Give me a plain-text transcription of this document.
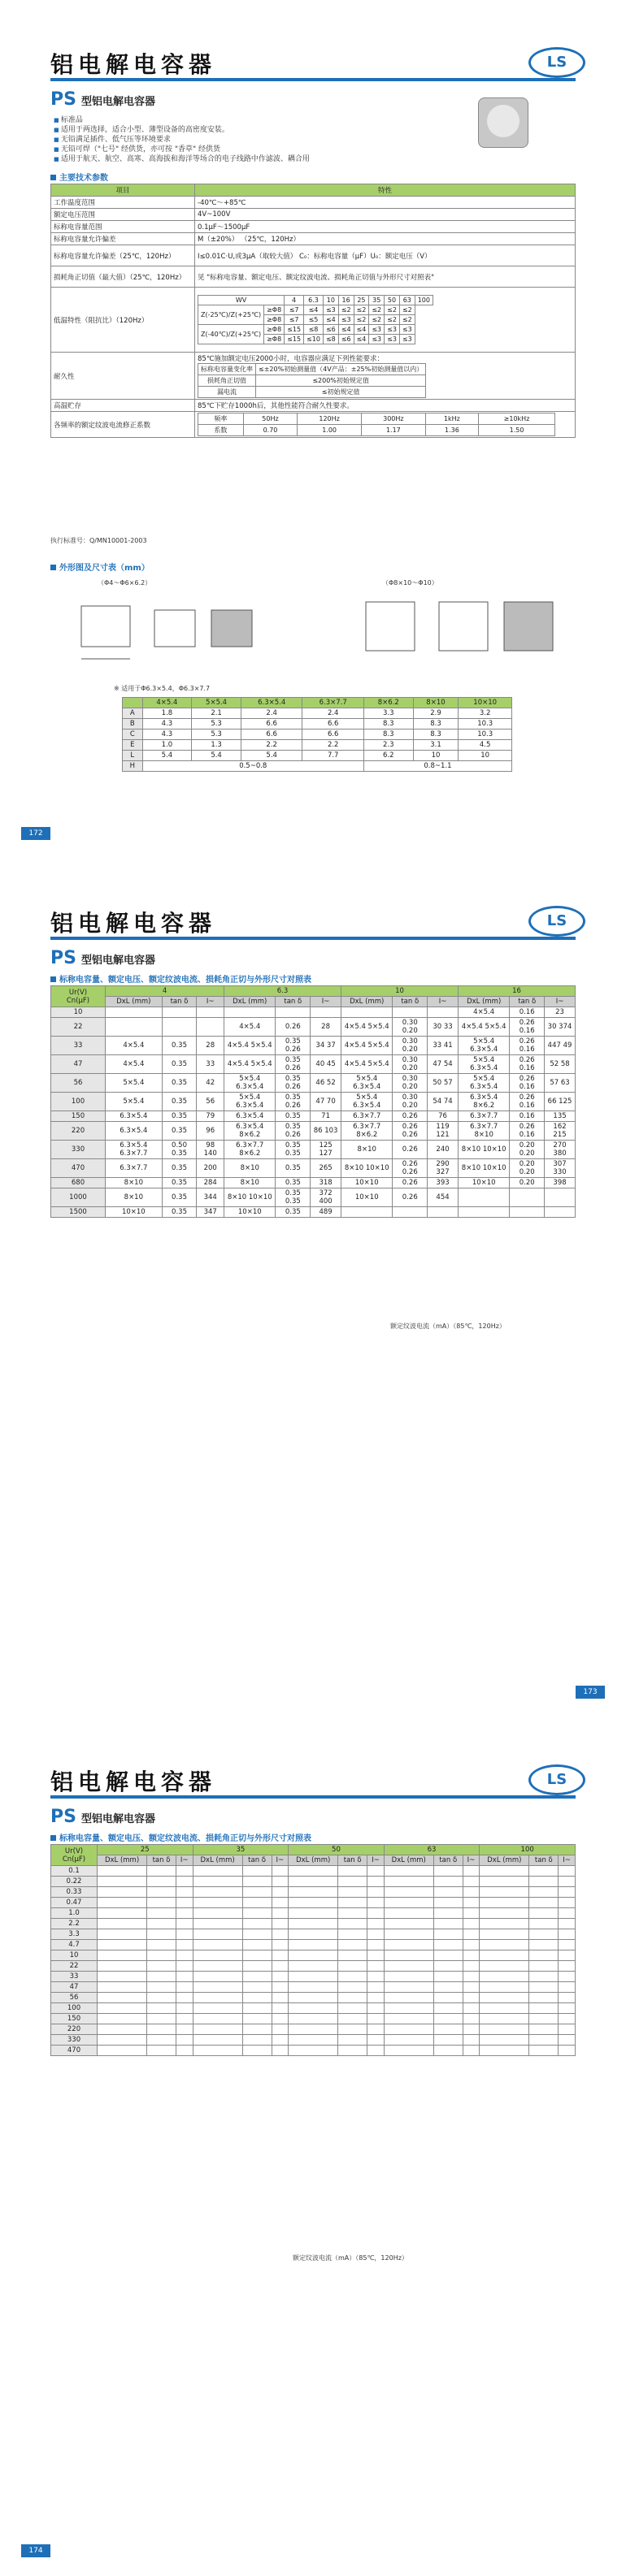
铝电解电容器	LS
PS 型铝电解电容器
■ 标准品
■ 适用于两选择，适合小型、薄型设备的高密度安装。
■ 无铅满足插件、低气压等环境要求
■ 无铅可焊（"七号" 经供货，亦可按 "香草" 经供货
■ 适用于航天、航空、高寒、高海拔和海洋等场合的电子线路中作滤波、耦合用
主要技术参数
项目	特性
工作温度范围	-40℃～+85℃
额定电压范围	4V~100V
标称电容量范围	0.1μF～1500μF
标称电容量允许偏差	M（±20%） （25℃，120Hz）
标称电容量允许偏差（25℃，120Hz）	I≤0.01C·U,或3μA（取较大值） C₀：标称电容量（μF）U₀：额定电压（V）
损耗角正切值（最大值）（25℃，120Hz）	见 "标称电容量、额定电压、额定纹波电流、损耗角正切值与外形尺寸对照表"
低温特性（阻抗比）（120Hz）	
WV	4	6.3	10	16	25	35	50	63	100
Z(-25℃)/Z(+25℃)	≥Φ8	≤7	≤4	≤3	≤2	≤2	≤2	≤2	≤2
≥Φ8	≤7	≤5	≤4	≤3	≤2	≤2	≤2	≤2
Z(-40℃)/Z(+25℃)	≥Φ8	≤15	≤8	≤6	≤4	≤4	≤3	≤3	≤3
≥Φ8	≤15	≤10	≤8	≤6	≤4	≤3	≤3	≤3

耐久性	
85℃施加额定电压2000小时，电容器应满足下列性能要求：
标称电容量变化率	≤±20%初始测量值（4V产品：±25%初始测量值以内）
损耗角正切值	≤200%初始规定值
漏电流	≤初始规定值

高温贮存	85℃下贮存1000h后，其他性能符合耐久性要求。
各频率的额定纹波电流修正系数	
频率	50Hz	120Hz	300Hz	1kHz	≥10kHz
系数	0.70	1.00	1.17	1.36	1.50
执行标准号：Q/MN10001-2003
外形图及尺寸表（mm）
（Φ4～Φ6×6.2）	（Φ8×10～Φ10）
※ 适用于Φ6.3×5.4，Φ6.3×7.7
	4×5.4	5×5.4	6.3×5.4	6.3×7.7	8×6.2	8×10	10×10
A	1.8	2.1	2.4	2.4	3.3	2.9	3.2
B	4.3	5.3	6.6	6.6	8.3	8.3	10.3
C	4.3	5.3	6.6	6.6	8.3	8.3	10.3
E	1.0	1.3	2.2	2.2	2.3	3.1	4.5
L	5.4	5.4	5.4	7.7	6.2	10	10
H	0.5~0.8				0.8~1.1		
172
铝电解电容器	LS
PS 型铝电解电容器
标称电容量、额定电压、额定纹波电流、损耗角正切与外形尺寸对照表
Ur(V)
Cn(μF)	4			6.3			10			16		
	DxL (mm)	tan δ	I~	DxL (mm)	tan δ	I~	DxL (mm)	tan δ	I~	DxL (mm)	tan δ	I~
10										4×5.4	0.16	23
22				4×5.4	0.26	28	4×5.4 5×5.4	0.30 0.20	30 33	4×5.4 5×5.4	0.26 0.16	30 374
33	4×5.4	0.35	28	4×5.4 5×5.4	0.35 0.26	34 37	4×5.4 5×5.4	0.30 0.20	33 41	5×5.4 6.3×5.4	0.26 0.16	447 49
47	4×5.4	0.35	33	4×5.4 5×5.4	0.35 0.26	40 45	4×5.4 5×5.4	0.30 0.20	47 54	5×5.4 6.3×5.4	0.26 0.16	52 58
56	5×5.4	0.35	42	5×5.4 6.3×5.4	0.35 0.26	46 52	5×5.4 6.3×5.4	0.30 0.20	50 57	5×5.4 6.3×5.4	0.26 0.16	57 63
100	5×5.4	0.35	56	5×5.4 6.3×5.4	0.35 0.26	47 70	5×5.4 6.3×5.4	0.30 0.20	54 74	6.3×5.4 8×6.2	0.26 0.16	66 125
150	6.3×5.4	0.35	79	6.3×5.4	0.35	71	6.3×7.7	0.26	76	6.3×7.7	0.16	135
220	6.3×5.4	0.35	96	6.3×5.4 8×6.2	0.35 0.26	86 103	6.3×7.7 8×6.2	0.26 0.26	119 121	6.3×7.7 8×10	0.26 0.16	162 215
330	6.3×5.4 6.3×7.7	0.50 0.35	98 140	6.3×7.7 8×6.2	0.35 0.35	125 127	8×10	0.26	240	8×10 10×10	0.20 0.20	270 380
470	6.3×7.7	0.35	200	8×10	0.35	265	8×10 10×10	0.26 0.26	290 327	8×10 10×10	0.20 0.20	307 330
680	8×10	0.35	284	8×10	0.35	318	10×10	0.26	393	10×10	0.20	398
1000	8×10	0.35	344	8×10 10×10	0.35 0.35	372 400	10×10	0.26	454			
1500	10×10	0.35	347	10×10	0.35	489						
额定纹波电流（mA）（85℃，120Hz）
173
铝电解电容器	LS
PS 型铝电解电容器
标称电容量、额定电压、额定纹波电流、损耗角正切与外形尺寸对照表
Ur(V)
Cn(μF)	25			35			50			63			100		
	DxL (mm)	tan δ	I~	DxL (mm)	tan δ	I~	DxL (mm)	tan δ	I~	DxL (mm)	tan δ	I~	DxL (mm)	tan δ	I~
0.1															
0.22															
0.33															
0.47															
1.0															
2.2															
3.3															
4.7															
10															
22															
33															
47															
56															
100															
150															
220															
330															
470															
额定纹波电流（mA）（85℃，120Hz）
174
